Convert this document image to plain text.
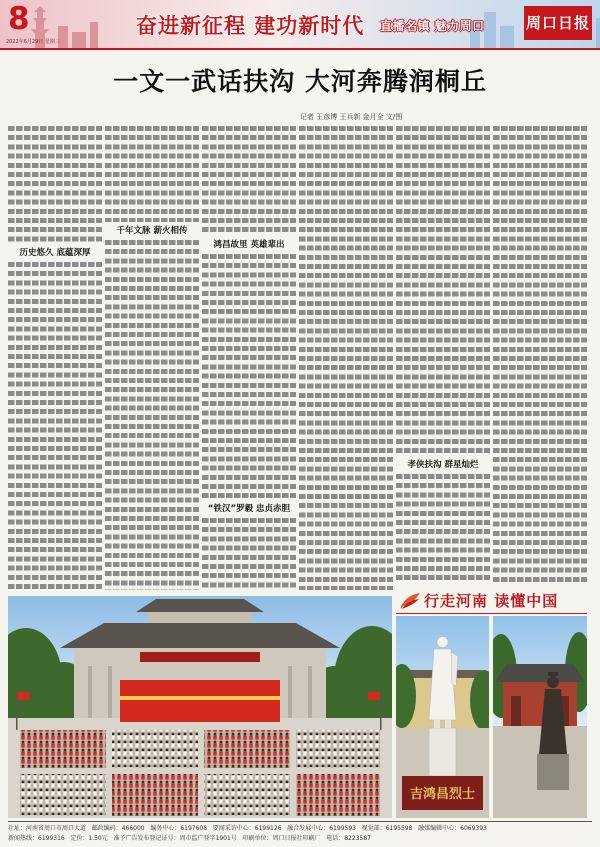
8
2022年6月29日 星期三
奋进新征程 建功新时代 直播名镇 魅力周口	周口日报
一文一武话扶沟 大河奔腾润桐丘
记者 王彦博 王兵新 金月全 文/图
历史悠久 底蕴深厚
千年文脉 薪火相传
鸿昌故里 英雄辈出
“铁汉”罗毅 忠贞赤胆
孝侠扶沟 群星灿烂
行走河南 读懂中国
吉鸿昌烈士
社址：河南省周口市周口大道   邮政编码：466000   编务中心：6197608   要闻采访中心：6199126   融合发展中心：6199593   视觉部：6195598   融媒编辑中心：6069393
新闻热线：6199316   定价：1.50元   准予广告发布登记证号：周市监广登字1901号   印刷单位：周口日报社印刷厂   电话：8223587
